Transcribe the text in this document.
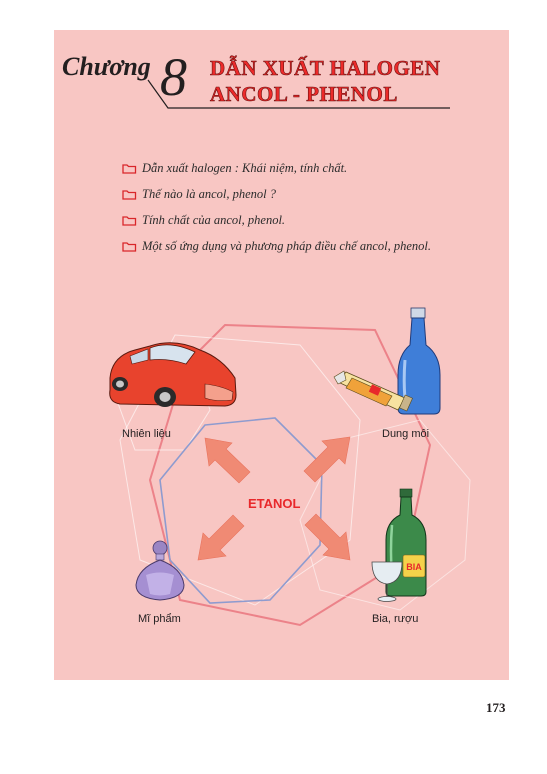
Chương 8 DẪN XUẤT HALOGEN
ANCOL - PHENOL
Dẫn xuất halogen : Khái niệm, tính chất.
Thế nào là ancol, phenol ?
Tính chất của ancol, phenol.
Một số ứng dụng và phương pháp điều chế ancol, phenol.
BIA
ETANOL
Nhiên liệu	Dung môi
Mĩ phẩm	Bia, rượu
173
